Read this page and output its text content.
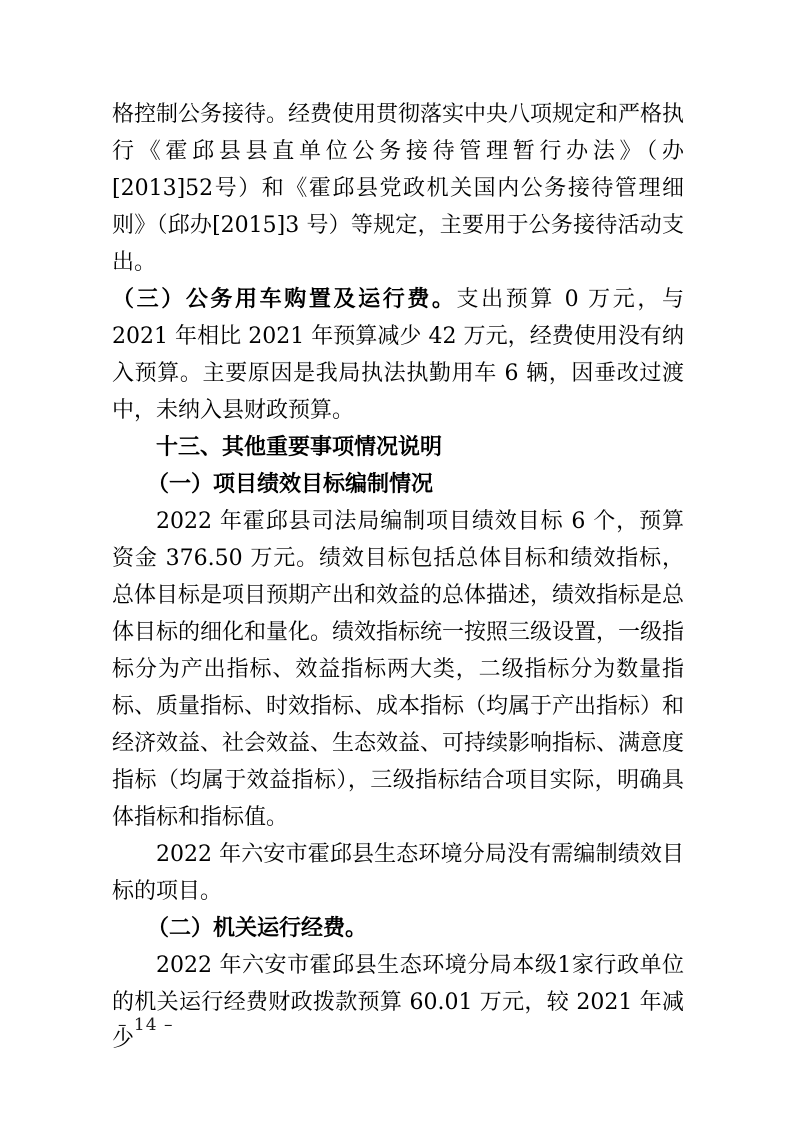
格控制公务接待。经费使用贯彻落实中央八项规定和严格执行《霍邱县县直单位公务接待管理暂行办法》（办[2013]52号）和《霍邱县党政机关国内公务接待管理细则》（邱办[2015]3 号）等规定，主要用于公务接待活动支出。

（三）公务用车购置及运行费。支出预算 0 万元，与 2021 年相比 2021 年预算减少 42 万元，经费使用没有纳入预算。主要原因是我局执法执勤用车 6 辆，因垂改过渡中，未纳入县财政预算。

十三、其他重要事项情况说明

（一）项目绩效目标编制情况

2022 年霍邱县司法局编制项目绩效目标 6 个，预算资金 376.50 万元。绩效目标包括总体目标和绩效指标，总体目标是项目预期产出和效益的总体描述，绩效指标是总体目标的细化和量化。绩效指标统一按照三级设置，一级指标分为产出指标、效益指标两大类，二级指标分为数量指标、质量指标、时效指标、成本指标（均属于产出指标）和经济效益、社会效益、生态效益、可持续影响指标、满意度指标（均属于效益指标），三级指标结合项目实际，明确具体指标和指标值。

2022 年六安市霍邱县生态环境分局没有需编制绩效目标的项目。

（二）机关运行经费。

2022 年六安市霍邱县生态环境分局本级1家行政单位的机关运行经费财政拨款预算 60.01 万元，较 2021 年减少

– 14 –
